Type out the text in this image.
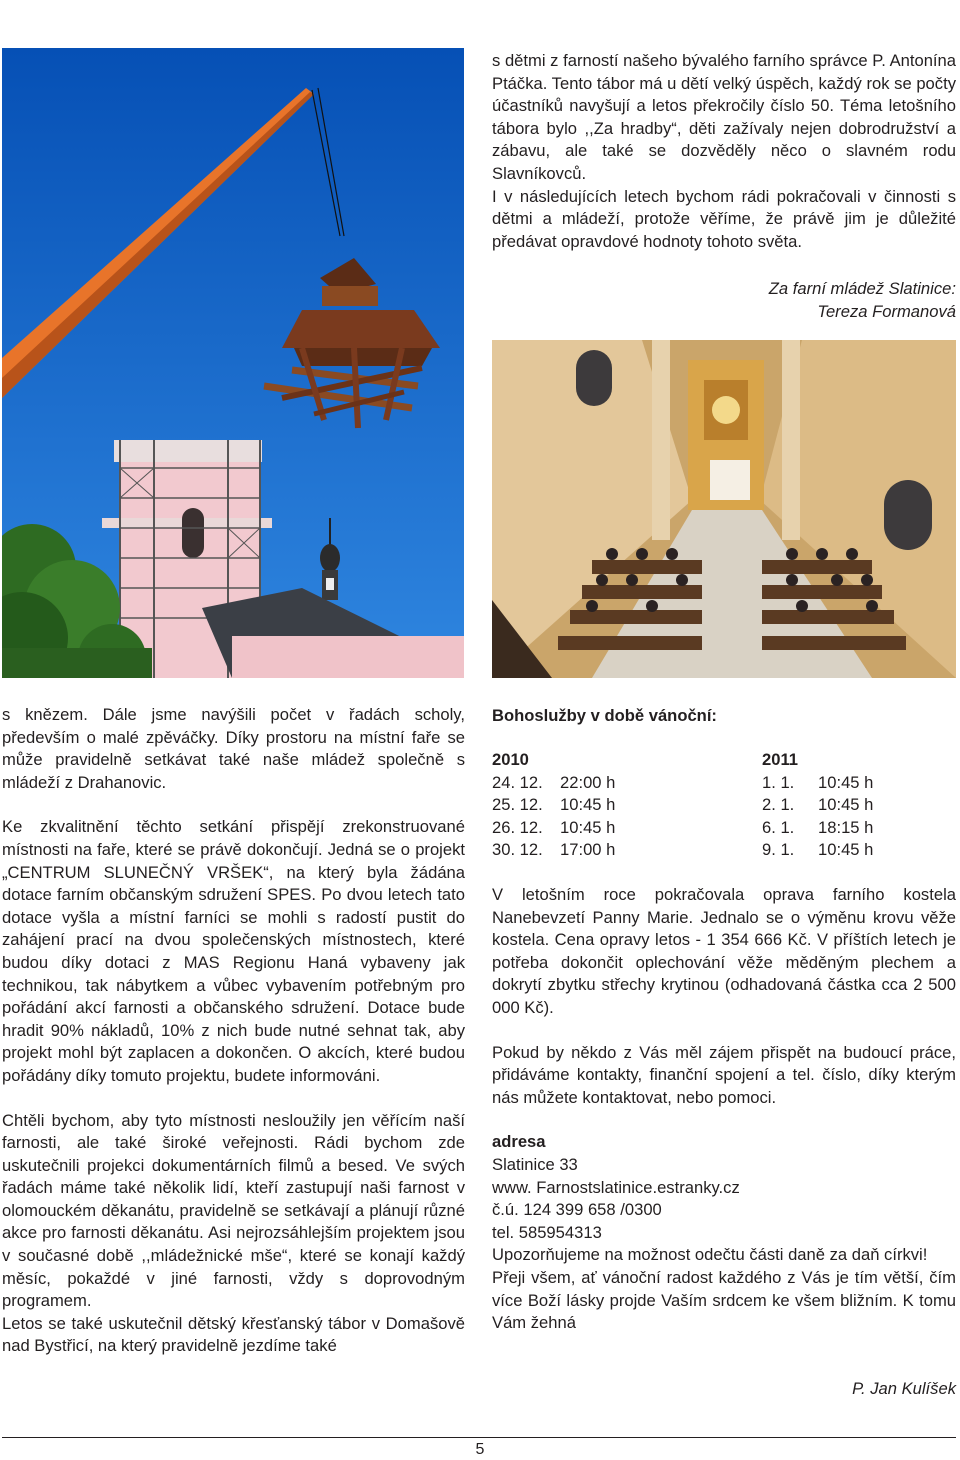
s dětmi z farností našeho bývalého farního správce P. Antonína Ptáčka. Tento tábor má u dětí velký úspěch, každý rok se počty účastníků navyšují a letos překročily číslo 50. Téma letošního tábora bylo ,,Za hradby“, děti zažívaly nejen dobrodružství a zábavu, ale také se dozvěděly něco o slavném rodu Slavníkovců.

I v následujících letech bychom rádi pokračovali v činnosti s dětmi a mládeží, protože věříme, že právě jim je důležité předávat opravdové hodnoty tohoto světa.

Za farní mládež Slatinice:
Tereza Formanová

s knězem. Dále jsme navýšili počet v řadách scholy, především o malé zpěváčky. Díky prostoru na místní faře se může pravidelně setkávat také naše mládež společně s mládeží z Drahanovic.

Ke zkvalitnění těchto setkání přispějí zrekonstruované místnosti na faře, které se právě dokončují. Jedná se o projekt „CENTRUM SLUNEČNÝ VRŠEK“, na který byla žádána dotace farním občanským sdružení SPES. Po dvou letech tato dotace vyšla a místní farníci se mohli s radostí pustit do zahájení prací na dvou společenských místnostech, které budou díky dotaci z MAS Regionu Haná vybaveny jak technikou, tak nábytkem a vůbec vybavením potřebným pro pořádání akcí farnosti a občanského sdružení. Dotace bude hradit 90% nákladů, 10% z nich bude nutné sehnat tak, aby projekt mohl být zaplacen a dokončen. O akcích, které budou pořádány díky tomuto projektu, budete informováni.

Chtěli bychom, aby tyto místnosti nesloužily jen věřícím naší farnosti, ale také široké veřejnosti. Rádi bychom zde uskutečnili projekci dokumentárních filmů a besed. Ve svých řadách máme také několik lidí, kteří zastupují naši farnost v olomouckém děkanátu, pravidelně se setkávají a plánují různé akce pro farnosti děkanátu. Asi nejrozsáhlejším projektem jsou v současné době ,,mládežnické mše“, které se konají každý měsíc, pokaždé v jiné farnosti, vždy s doprovodným programem.

Letos se také uskutečnil dětský křesťanský tábor v Domašově nad Bystřicí, na který pravidelně jezdíme také

Bohoslužby v době vánoční:
2010	2011
24. 12. 22:00 h	1. 1. 10:45 h
25. 12. 10:45 h	2. 1. 10:45 h
26. 12. 10:45 h	6. 1. 18:15 h
30. 12. 17:00 h	9. 1. 10:45 h

V letošním roce pokračovala oprava farního kostela Nanebevzetí Panny Marie. Jednalo se o výměnu krovu věže kostela. Cena opravy letos - 1 354 666 Kč. V příštích letech je potřeba dokončit oplechování věže měděným plechem a dokrytí zbytku střechy krytinou (odhadovaná částka cca 2 500 000 Kč).

Pokud by někdo z Vás měl zájem přispět na budoucí práce, přidáváme kontakty, finanční spojení a tel. číslo, díky kterým nás můžete kontaktovat, nebo pomoci.

adresa
Slatinice 33
www. Farnostslatinice.estranky.cz
č.ú. 124 399 658 /0300
tel. 585954313

Upozorňujeme na možnost odečtu části daně za daň církvi!

Přeji všem, ať vánoční radost každého z Vás je tím větší, čím více Boží lásky projde Vaším srdcem ke všem bližním. K tomu Vám žehná

P. Jan Kulíšek
5
